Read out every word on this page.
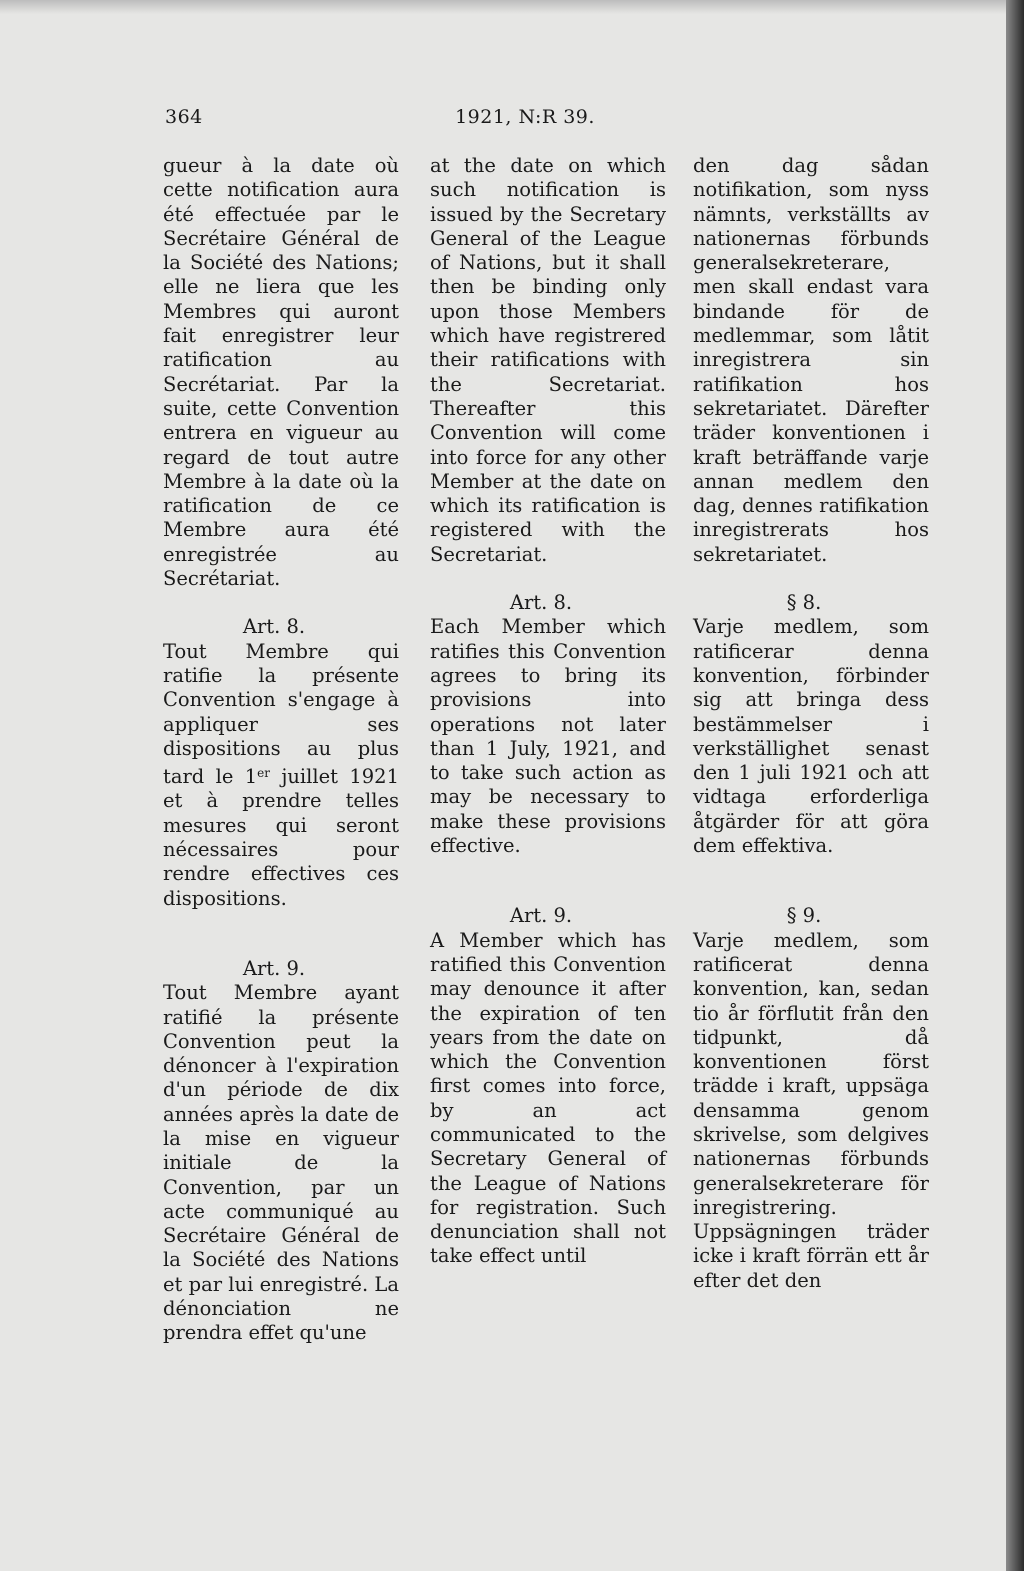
364	1921, N:R 39.

gueur à la date où cette notification aura été effectuée par le Secrétaire Général de la Société des Nations; elle ne liera que les Membres qui auront fait enregistrer leur ratification au Secrétariat. Par la suite, cette Convention entrera en vigueur au regard de tout autre Membre à la date où la ratification de ce Membre aura été enregistrée au Secrétariat.

Art. 8.

Tout Membre qui ratifie la présente Convention s'engage à appliquer ses dispositions au plus tard le 1er juillet 1921 et à prendre telles mesures qui seront nécessaires pour rendre effectives ces dispositions.

Art. 9.

Tout Membre ayant ratifié la présente Convention peut la dénoncer à l'expiration d'un période de dix années après la date de la mise en vigueur initiale de la Convention, par un acte communiqué au Secrétaire Général de la Société des Nations et par lui enregistré. La dénonciation ne prendra effet qu'une

at the date on which such notification is issued by the Secretary General of the League of Nations, but it shall then be binding only upon those Members which have registrered their ratifications with the Secretariat. Thereafter this Convention will come into force for any other Member at the date on which its ratification is registered with the Secretariat.

Art. 8.

Each Member which ratifies this Convention agrees to bring its provisions into operations not later than 1 July, 1921, and to take such action as may be necessary to make these provisions effective.

Art. 9.

A Member which has ratified this Convention may denounce it after the expiration of ten years from the date on which the Convention first comes into force, by an act communicated to the Secretary General of the League of Nations for registration. Such denunciation shall not take effect until

den dag sådan notifikation, som nyss nämnts, verkställts av nationernas förbunds generalsekreterare, men skall endast vara bindande för de medlemmar, som låtit inregistrera sin ratifikation hos sekretariatet. Därefter träder konventionen i kraft beträffande varje annan medlem den dag, dennes ratifikation inregistrerats hos sekretariatet.

§ 8.

Varje medlem, som ratificerar denna konvention, förbinder sig att bringa dess bestämmelser i verkställighet senast den 1 juli 1921 och att vidtaga erforderliga åtgärder för att göra dem effektiva.

§ 9.

Varje medlem, som ratificerat denna konvention, kan, sedan tio år förflutit från den tidpunkt, då konventionen först trädde i kraft, uppsäga densamma genom skrivelse, som delgives nationernas förbunds generalsekreterare för inregistrering. Uppsägningen träder icke i kraft förrän ett år efter det den
